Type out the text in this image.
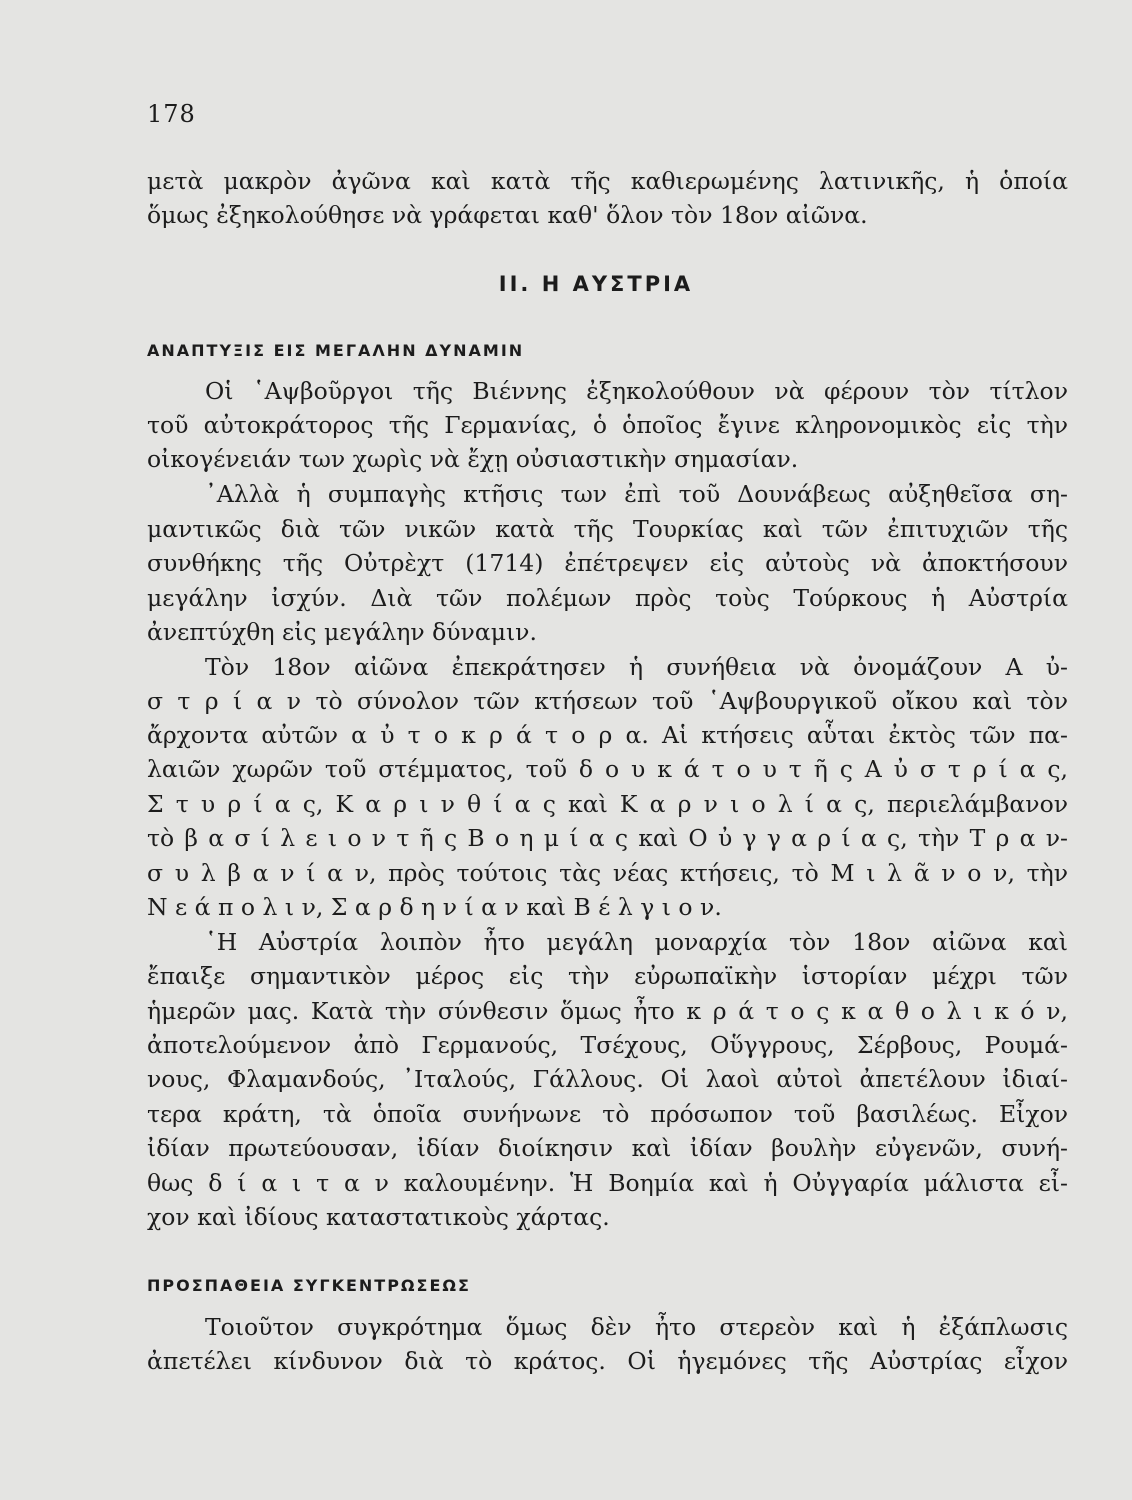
178

μετὰ μακρὸν ἀγῶνα καὶ κατὰ τῆς καθιερωμένης λατινικῆς, ἡ ὁποία

ὅμως ἐξηκολούθησε νὰ γράφεται καθ' ὅλον τὸν 18ον αἰῶνα.

II. Η ΑΥΣΤΡΙΑ
ΑΝΑΠΤΥΞΙΣ ΕΙΣ ΜΕΓΑΛΗΝ ΔΥΝΑΜΙΝ

Οἱ ῾Αψβοῦργοι τῆς Βιέννης ἐξηκολούθουν νὰ φέρουν τὸν τίτλον

τοῦ αὐτοκράτορος τῆς Γερμανίας, ὁ ὁποῖος ἔγινε κληρονομικὸς εἰς τὴν

οἰκογένειάν των χωρὶς νὰ ἔχῃ οὐσιαστικὴν σημασίαν.

᾿Αλλὰ ἡ συμπαγὴς κτῆσις των ἐπὶ τοῦ Δουνάβεως αὐξηθεῖσα ση-

μαντικῶς διὰ τῶν νικῶν κατὰ τῆς Τουρκίας καὶ τῶν ἐπιτυχιῶν τῆς

συνθήκης τῆς Οὐτρὲχτ (1714) ἐπέτρεψεν εἰς αὐτοὺς νὰ ἀποκτήσουν

μεγάλην ἰσχύν. Διὰ τῶν πολέμων πρὸς τοὺς Τούρκους ἡ Αὐστρία

ἀνεπτύχθη εἰς μεγάλην δύναμιν.

Τὸν 18ον αἰῶνα ἐπεκράτησεν ἡ συνήθεια νὰ ὀνομάζουν Α ὐ-

σ τ ρ ί α ν τὸ σύνολον τῶν κτήσεων τοῦ ῾Αψβουργικοῦ οἴκου καὶ τὸν

ἄρχοντα αὐτῶν α ὐ τ ο κ ρ ά τ ο ρ α. Αἱ κτήσεις αὗται ἐκτὸς τῶν πα-

λαιῶν χωρῶν τοῦ στέμματος, τοῦ δ ο υ κ ά τ ο υ τ ῆ ς Α ὐ σ τ ρ ί α ς,

Σ τ υ ρ ί α ς, Κ α ρ ι ν θ ί α ς καὶ Κ α ρ ν ι ο λ ί α ς, περιελάμβανον

τὸ β α σ ί λ ε ι ο ν τ ῆ ς Β ο η μ ί α ς καὶ Ο ὐ γ γ α ρ ί α ς, τὴν Τ ρ α ν-

σ υ λ β α ν ί α ν, πρὸς τούτοις τὰς νέας κτήσεις, τὸ Μ ι λ ᾶ ν ο ν, τὴν

Ν ε ά π ο λ ι ν, Σ α ρ δ η ν ί α ν καὶ Β έ λ γ ι ο ν.

῾Η Αὐστρία λοιπὸν ἦτο μεγάλη μοναρχία τὸν 18ον αἰῶνα καὶ

ἔπαιξε σημαντικὸν μέρος εἰς τὴν εὐρωπαϊκὴν ἱστορίαν μέχρι τῶν

ἡμερῶν μας. Κατὰ τὴν σύνθεσιν ὅμως ἦτο κ ρ ά τ ο ς κ α θ ο λ ι κ ό ν,

ἀποτελούμενον ἀπὸ Γερμανούς, Τσέχους, Οὕγγρους, Σέρβους, Ρουμά-

νους, Φλαμανδούς, ᾿Ιταλούς, Γάλλους. Οἱ λαοὶ αὐτοὶ ἀπετέλουν ἰδιαί-

τερα κράτη, τὰ ὁποῖα συνήνωνε τὸ πρόσωπον τοῦ βασιλέως. Εἶχον

ἰδίαν πρωτεύουσαν, ἰδίαν διοίκησιν καὶ ἰδίαν βουλὴν εὐγενῶν, συνή-

θως δ ί α ι τ α ν καλουμένην. Ἡ Βοημία καὶ ἡ Οὐγγαρία μάλιστα εἶ-

χον καὶ ἰδίους καταστατικοὺς χάρτας.

ΠΡΟΣΠΑΘΕΙΑ ΣΥΓΚΕΝΤΡΩΣΕΩΣ

Τοιοῦτον συγκρότημα ὅμως δὲν ἦτο στερεὸν καὶ ἡ ἐξάπλωσις

ἀπετέλει κίνδυνον διὰ τὸ κράτος. Οἱ ἡγεμόνες τῆς Αὐστρίας εἶχον
